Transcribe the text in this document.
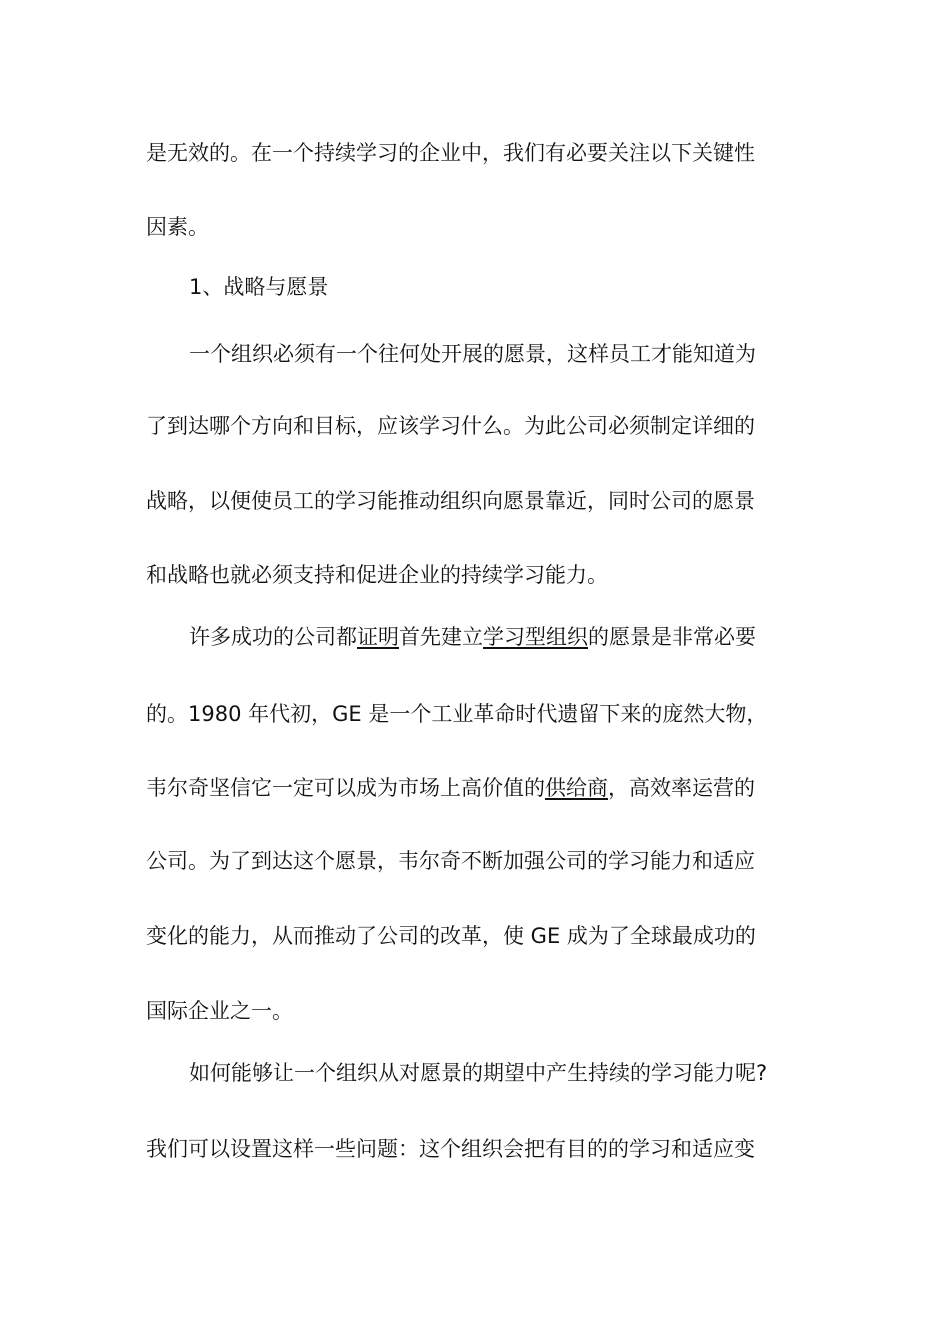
是无效的。在一个持续学习的企业中，我们有必要关注以下关键性
因素。
1、战略与愿景
一个组织必须有一个往何处开展的愿景，这样员工才能知道为
了到达哪个方向和目标，应该学习什么。为此公司必须制定详细的
战略，以便使员工的学习能推动组织向愿景靠近，同时公司的愿景
和战略也就必须支持和促进企业的持续学习能力。
许多成功的公司都证明首先建立学习型组织的愿景是非常必要
的。1980 年代初，GE 是一个工业革命时代遗留下来的庞然大物，
韦尔奇坚信它一定可以成为市场上高价值的供给商，高效率运营的
公司。为了到达这个愿景，韦尔奇不断加强公司的学习能力和适应
变化的能力，从而推动了公司的改革，使 GE 成为了全球最成功的
国际企业之一。
如何能够让一个组织从对愿景的期望中产生持续的学习能力呢?
我们可以设置这样一些问题：这个组织会把有目的的学习和适应变
